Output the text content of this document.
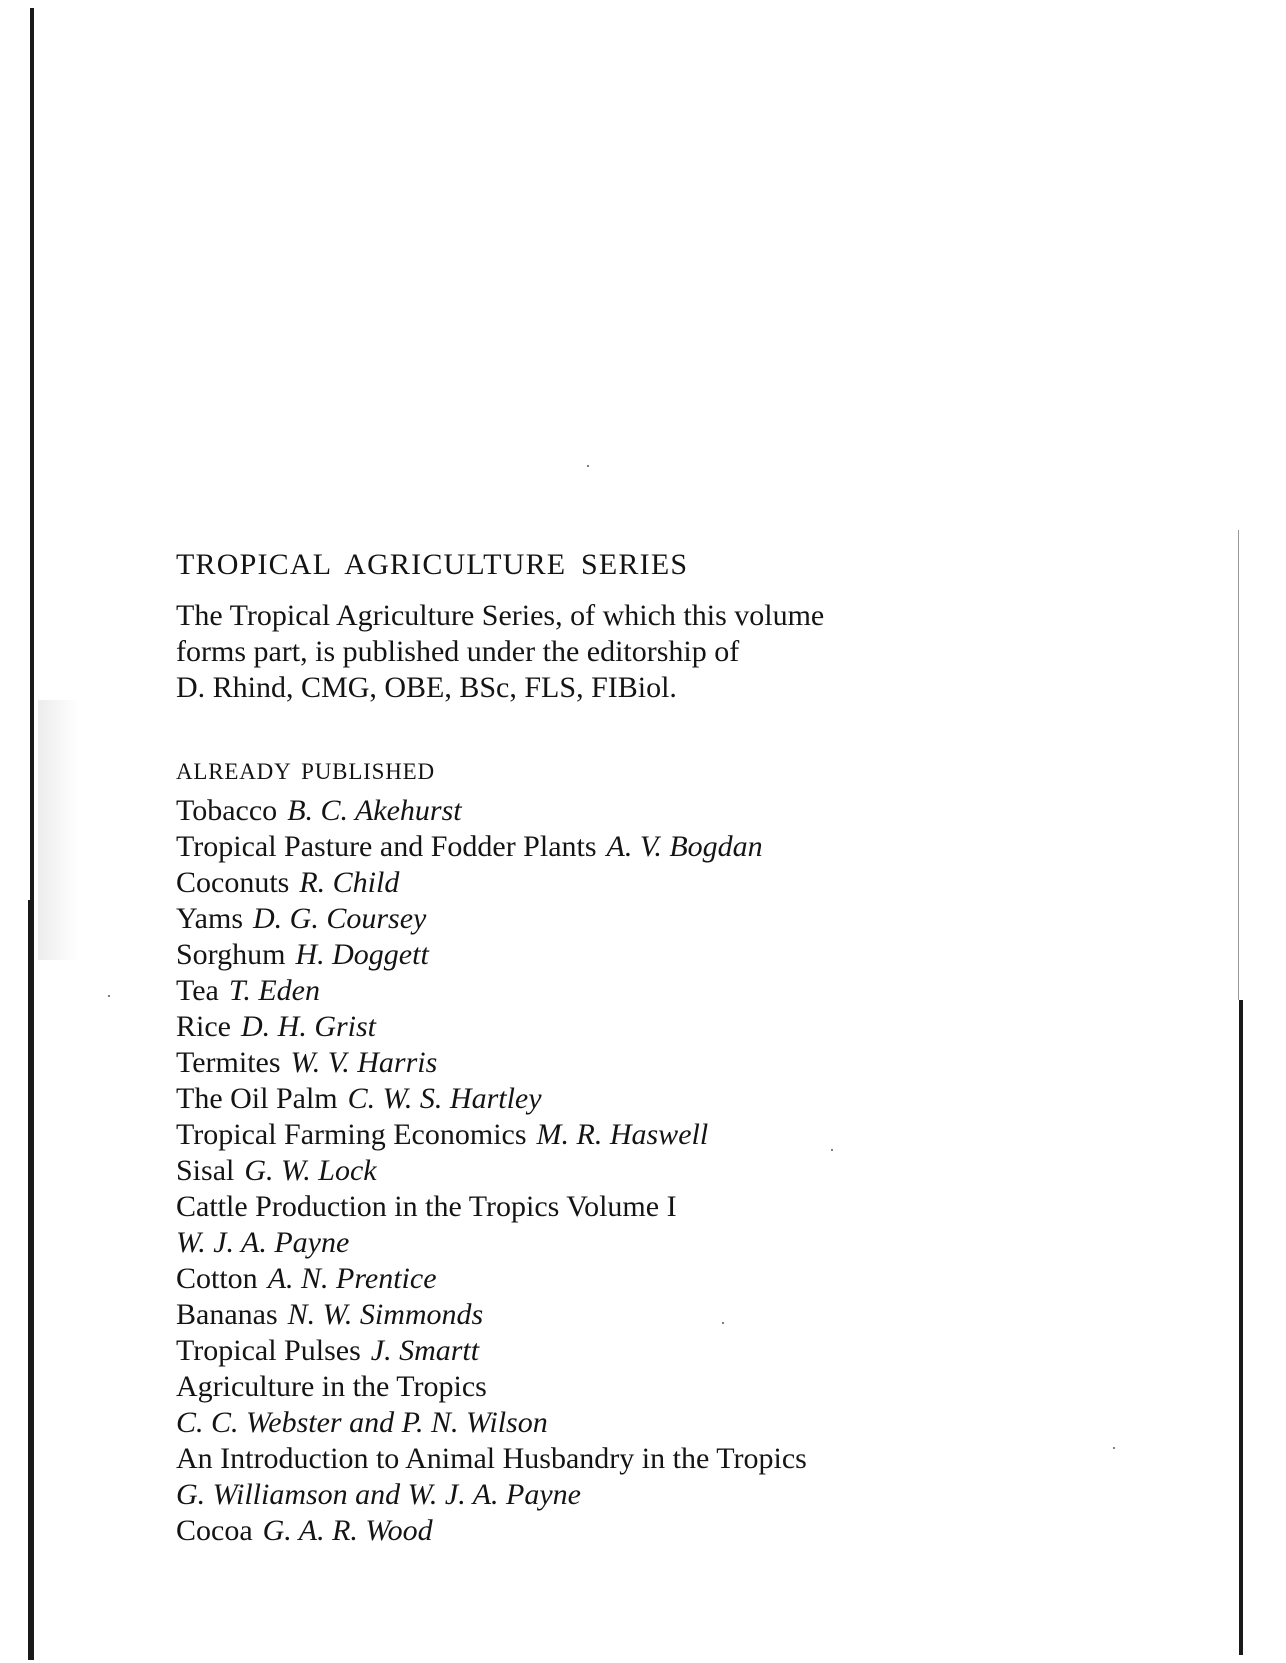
TROPICAL AGRICULTURE SERIES

The Tropical Agriculture Series, of which this volume
forms part, is published under the editorship of
D. Rhind, CMG, OBE, BSc, FLS, FIBiol.

ALREADY PUBLISHED
Tobacco B. C. Akehurst
Tropical Pasture and Fodder Plants A. V. Bogdan
Coconuts R. Child
Yams D. G. Coursey
Sorghum H. Doggett
Tea T. Eden
Rice D. H. Grist
Termites W. V. Harris
The Oil Palm C. W. S. Hartley
Tropical Farming Economics M. R. Haswell
Sisal G. W. Lock
Cattle Production in the Tropics Volume I
W. J. A. Payne
Cotton A. N. Prentice
Bananas N. W. Simmonds
Tropical Pulses J. Smartt
Agriculture in the Tropics
C. C. Webster and P. N. Wilson
An Introduction to Animal Husbandry in the Tropics
G. Williamson and W. J. A. Payne
Cocoa G. A. R. Wood
